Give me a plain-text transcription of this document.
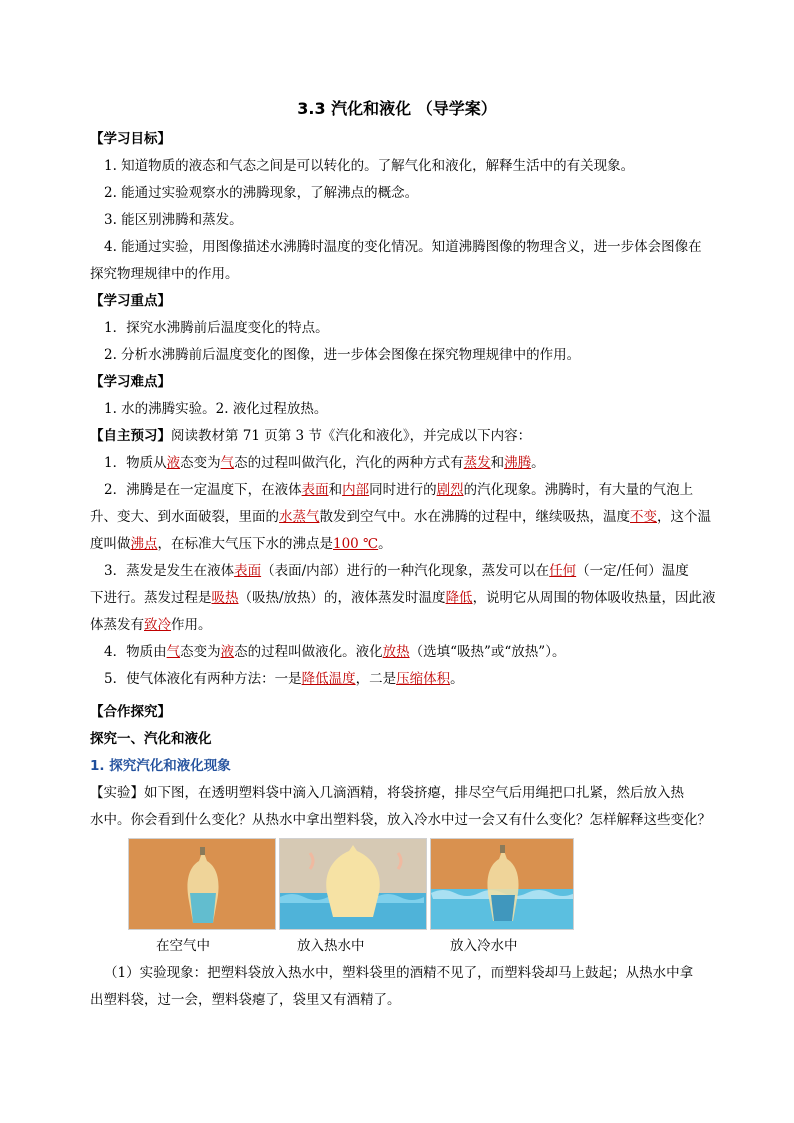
3.3 汽化和液化 （导学案）
【学习目标】
1. 知道物质的液态和气态之间是可以转化的。了解气化和液化，解释生活中的有关现象。
2. 能通过实验观察水的沸腾现象，了解沸点的概念。
3. 能区别沸腾和蒸发。
4. 能通过实验，用图像描述水沸腾时温度的变化情况。知道沸腾图像的物理含义，进一步体会图像在
探究物理规律中的作用。
【学习重点】
1．探究水沸腾前后温度变化的特点。
2. 分析水沸腾前后温度变化的图像，进一步体会图像在探究物理规律中的作用。
【学习难点】
1. 水的沸腾实验。2. 液化过程放热。
【自主预习】阅读教材第 71 页第 3 节《汽化和液化》，并完成以下内容：
1．物质从液态变为气态的过程叫做汽化，汽化的两种方式有蒸发和沸腾。
2．沸腾是在一定温度下，在液体表面和内部同时进行的剧烈的汽化现象。沸腾时，有大量的气泡上
升、变大、到水面破裂，里面的水蒸气散发到空气中。水在沸腾的过程中，继续吸热，温度不变，这个温
度叫做沸点，在标准大气压下水的沸点是100 ℃。
3．蒸发是发生在液体表面（表面/内部）进行的一种汽化现象，蒸发可以在任何（一定/任何）温度
下进行。蒸发过程是吸热（吸热/放热）的，液体蒸发时温度降低，说明它从周围的物体吸收热量，因此液
体蒸发有致冷作用。
4．物质由气态变为液态的过程叫做液化。液化放热（选填“吸热”或“放热”）。
5．使气体液化有两种方法：一是降低温度，二是压缩体积。
【合作探究】
探究一、汽化和液化
1. 探究汽化和液化现象
【实验】如下图，在透明塑料袋中滴入几滴酒精，将袋挤瘪，排尽空气后用绳把口扎紧，然后放入热
水中。你会看到什么变化？从热水中拿出塑料袋，放入冷水中过一会又有什么变化？怎样解释这些变化？
在空气中	放入热水中	放入冷水中
（1）实验现象：把塑料袋放入热水中，塑料袋里的酒精不见了，而塑料袋却马上鼓起；从热水中拿
出塑料袋，过一会，塑料袋瘪了，袋里又有酒精了。
